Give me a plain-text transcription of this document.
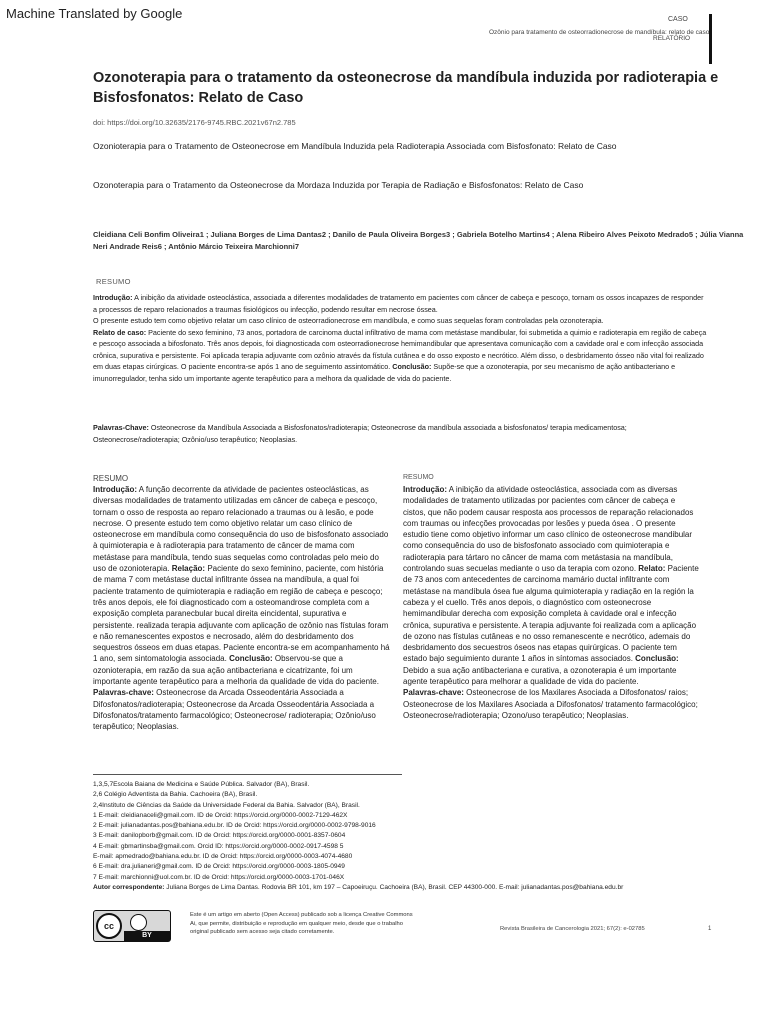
Machine Translated by Google	CASO
Ozônio para tratamento de osteorradionecrose de mandíbula: relato de caso
RELATÓRIO
Ozonoterapia para o tratamento da osteonecrose da mandíbula induzida por radioterapia e Bisfosfonatos: Relato de Caso
doi: https://doi.org/10.32635/2176-9745.RBC.2021v67n2.785
Ozonioterapia para o Tratamento de Osteonecrose em Mandíbula Induzida pela Radioterapia Associada com Bisfosfonato: Relato de Caso
Ozonoterapia para o Tratamento da Osteonecrose da Mordaza Induzida por Terapia de Radiação e Bisfosfonatos: Relato de Caso
Cleidiana Celi Bonfim Oliveira1 ; Juliana Borges de Lima Dantas2 ; Danilo de Paula Oliveira Borges3 ; Gabriela Botelho Martins4 ; Alena Ribeiro Alves Peixoto Medrado5 ; Júlia Vianna Neri Andrade Reis6 ; Antônio Márcio Teixeira Marchionni7
RESUMO
Introdução: A inibição da atividade osteoclástica, associada a diferentes modalidades de tratamento em pacientes com câncer de cabeça e pescoço, tornam os ossos incapazes de responder a processos de reparo relacionados a traumas fisiológicos ou infecção, podendo resultar em necrose óssea.
O presente estudo tem como objetivo relatar um caso clínico de osteorradionecrose em mandíbula, e como suas sequelas foram controladas pela ozonoterapia.
Relato de caso: Paciente do sexo feminino, 73 anos, portadora de carcinoma ductal infiltrativo de mama com metástase mandibular, foi submetida a quimio e radioterapia em região de cabeça e pescoço associada a bifosfonato. Três anos depois, foi diagnosticada com osteorradionecrose hemimandibular que apresentava comunicação com a cavidade oral e com infecção associada crônica, supurativa e persistente. Foi aplicada terapia adjuvante com ozônio através da fístula cutânea e do osso exposto e necrótico. Além disso, o desbridamento ósseo não vital foi realizado em duas etapas cirúrgicas. O paciente encontra-se após 1 ano de seguimento assintomático. Conclusão: Supõe-se que a ozonoterapia, por seu mecanismo de ação antibacteriano e imunorregulador, tenha sido um importante agente terapêutico para a melhora da qualidade de vida do paciente.
Palavras-Chave: Osteonecrose da Mandíbula Associada a Bisfosfonatos/radioterapia; Osteonecrose da mandíbula associada a bisfosfonatos/ terapia medicamentosa; Osteonecrose/radioterapia; Ozônio/uso terapêutico; Neoplasias.
RESUMO
Introdução: A função decorrente da atividade de pacientes osteoclásticas, as diversas modalidades de tratamento utilizadas em câncer de cabeça e pescoço, tornam o osso de resposta ao reparo relacionado a traumas ou à lesão, e pode necrose. O presente estudo tem como objetivo relatar um caso clínico de osteonecrose em mandíbula como consequência do uso de bisfosfonato associado à quimioterapia e à radioterapia para tratamento de câncer de mama com metástase para mandíbula, tendo suas sequelas como controladas pelo meio do uso de ozonioterapia. Relação: Paciente do sexo feminino, paciente, com história de mama 7 com metástase ductal infiltrante óssea na mandíbula, a qual foi paciente tratamento de quimioterapia e radiação em região de cabeça e pescoço; três anos depois, ele foi diagnosticado com a osteomandrose completa com a exposição completa paranecbular bucal direita eincidental, supurativa e persistente. realizada terapia adjuvante com aplicação de ozônio nas fístulas foram e não remanescentes expostos e necrosado, além do desbridamento dos sequestros ósseos em duas etapas. Paciente encontra-se em acompanhamento há 1 ano, sem sintomatologia associada. Conclusão: Observou-se que a ozonioterapia, em razão da sua ação antibacteriana e cicatrizante, foi um importante agente terapêutico para a melhoria da qualidade de vida do paciente.
Palavras-chave: Osteonecrose da Arcada Osseodentária Associada a Difosfonatos/radioterapia; Osteonecrose da Arcada Osseodentária Associada a Difosfonatos/tratamento farmacológico; Osteonecrose/ radioterapia; Ozônio/uso terapêutico; Neoplasias.
RESUMO
Introdução: A inibição da atividade osteoclástica, associada com as diversas modalidades de tratamento utilizadas por pacientes com câncer de cabeça e cistos, que não podem causar resposta aos processos de reparação relacionados com traumas ou infecções provocadas por lesões y pueda ósea . O presente estudio tiene como objetivo informar um caso clínico de osteonecrose mandibular como consequência do uso de bisfosfonato associado com quimioterapia e radioterapia para tártaro no câncer de mama com metástasia na mandíbula, controlando suas secuelas mediante o uso da terapia com ozono. Relato: Paciente de 73 anos com antecedentes de carcinoma mamário ductal infiltrante com metástase na mandíbula ósea fue alguma quimioterapia y radiação en la región la cabeza y el cuello. Três anos depois, o diagnóstico com osteonecrose hemimandibular derecha com exposição completa à cavidade oral e infecção crônica, supurativa e persistente. A terapia adjuvante foi realizada com a aplicação de ozono nas fístulas cutâneas e no osso remanescente e necrótico, ademais do desbridamento dos secuestros óseos nas etapas quirúrgicas. O paciente tem estado bajo seguimiento durante 1 años in síntomas associados. Conclusão: Debido a sua ação antibacteriana e curativa, a ozonoterapia é um importante agente terapêutico para melhorar a qualidade de vida do paciente.
Palavras-chave: Osteonecrose de los Maxilares Asociada a Difosfonatos/ raios; Osteonecrose de los Maxilares Asociada a Difosfonatos/ tratamento farmacológico; Osteonecrose/radioterapia; Ozono/uso terapêutico; Neoplasias.
1,3,5,7Escola Baiana de Medicina e Saúde Pública. Salvador (BA), Brasil.
2,6 Colégio Adventista da Bahia. Cachoeira (BA), Brasil.
2,4Instituto de Ciências da Saúde da Universidade Federal da Bahia. Salvador (BA), Brasil.
1 E-mail: cleidianaceli@gmail.com. ID de Orcid: https://orcid.org/0000-0002-7129-462X
2 E-mail: julianadantas.pos@bahiana.edu.br. ID de Orcid: https://orcid.org/0000-0002-9798-9016
3 E-mail: danilopborb@gmail.com. ID de Orcid: https://orcid.org/0000-0001-8357-0604
4 E-mail: gbmartinsba@gmail.com. Orcid ID: https://orcid.org/0000-0002-0917-4598 5
E-mail: apmedrado@bahiana.edu.br. ID de Orcid: https://orcid.org/0000-0003-4074-4680
6 E-mail: dra.julianeri@gmail.com. ID de Orcid: https://orcid.org/0000-0003-1805-0949
7 E-mail: marchionni@uol.com.br. ID de Orcid: https://orcid.org/0000-0003-1701-046X
Autor correspondente: Juliana Borges de Lima Dantas. Rodovia BR 101, km 197 – Capoeiruçu. Cachoeira (BA), Brasil. CEP 44300-000. E-mail: julianadantas.pos@bahiana.edu.br
cc
BY
Este é um artigo em aberto (Open Access) publicado sob a licença Creative Commons Ai, que permite, distribuição e reprodução em qualquer meio, desde que o trabalho original publicado sem acesso seja citado corretamente.	Revista Brasileira de Cancerologia 2021; 67(2): e-02785	1
